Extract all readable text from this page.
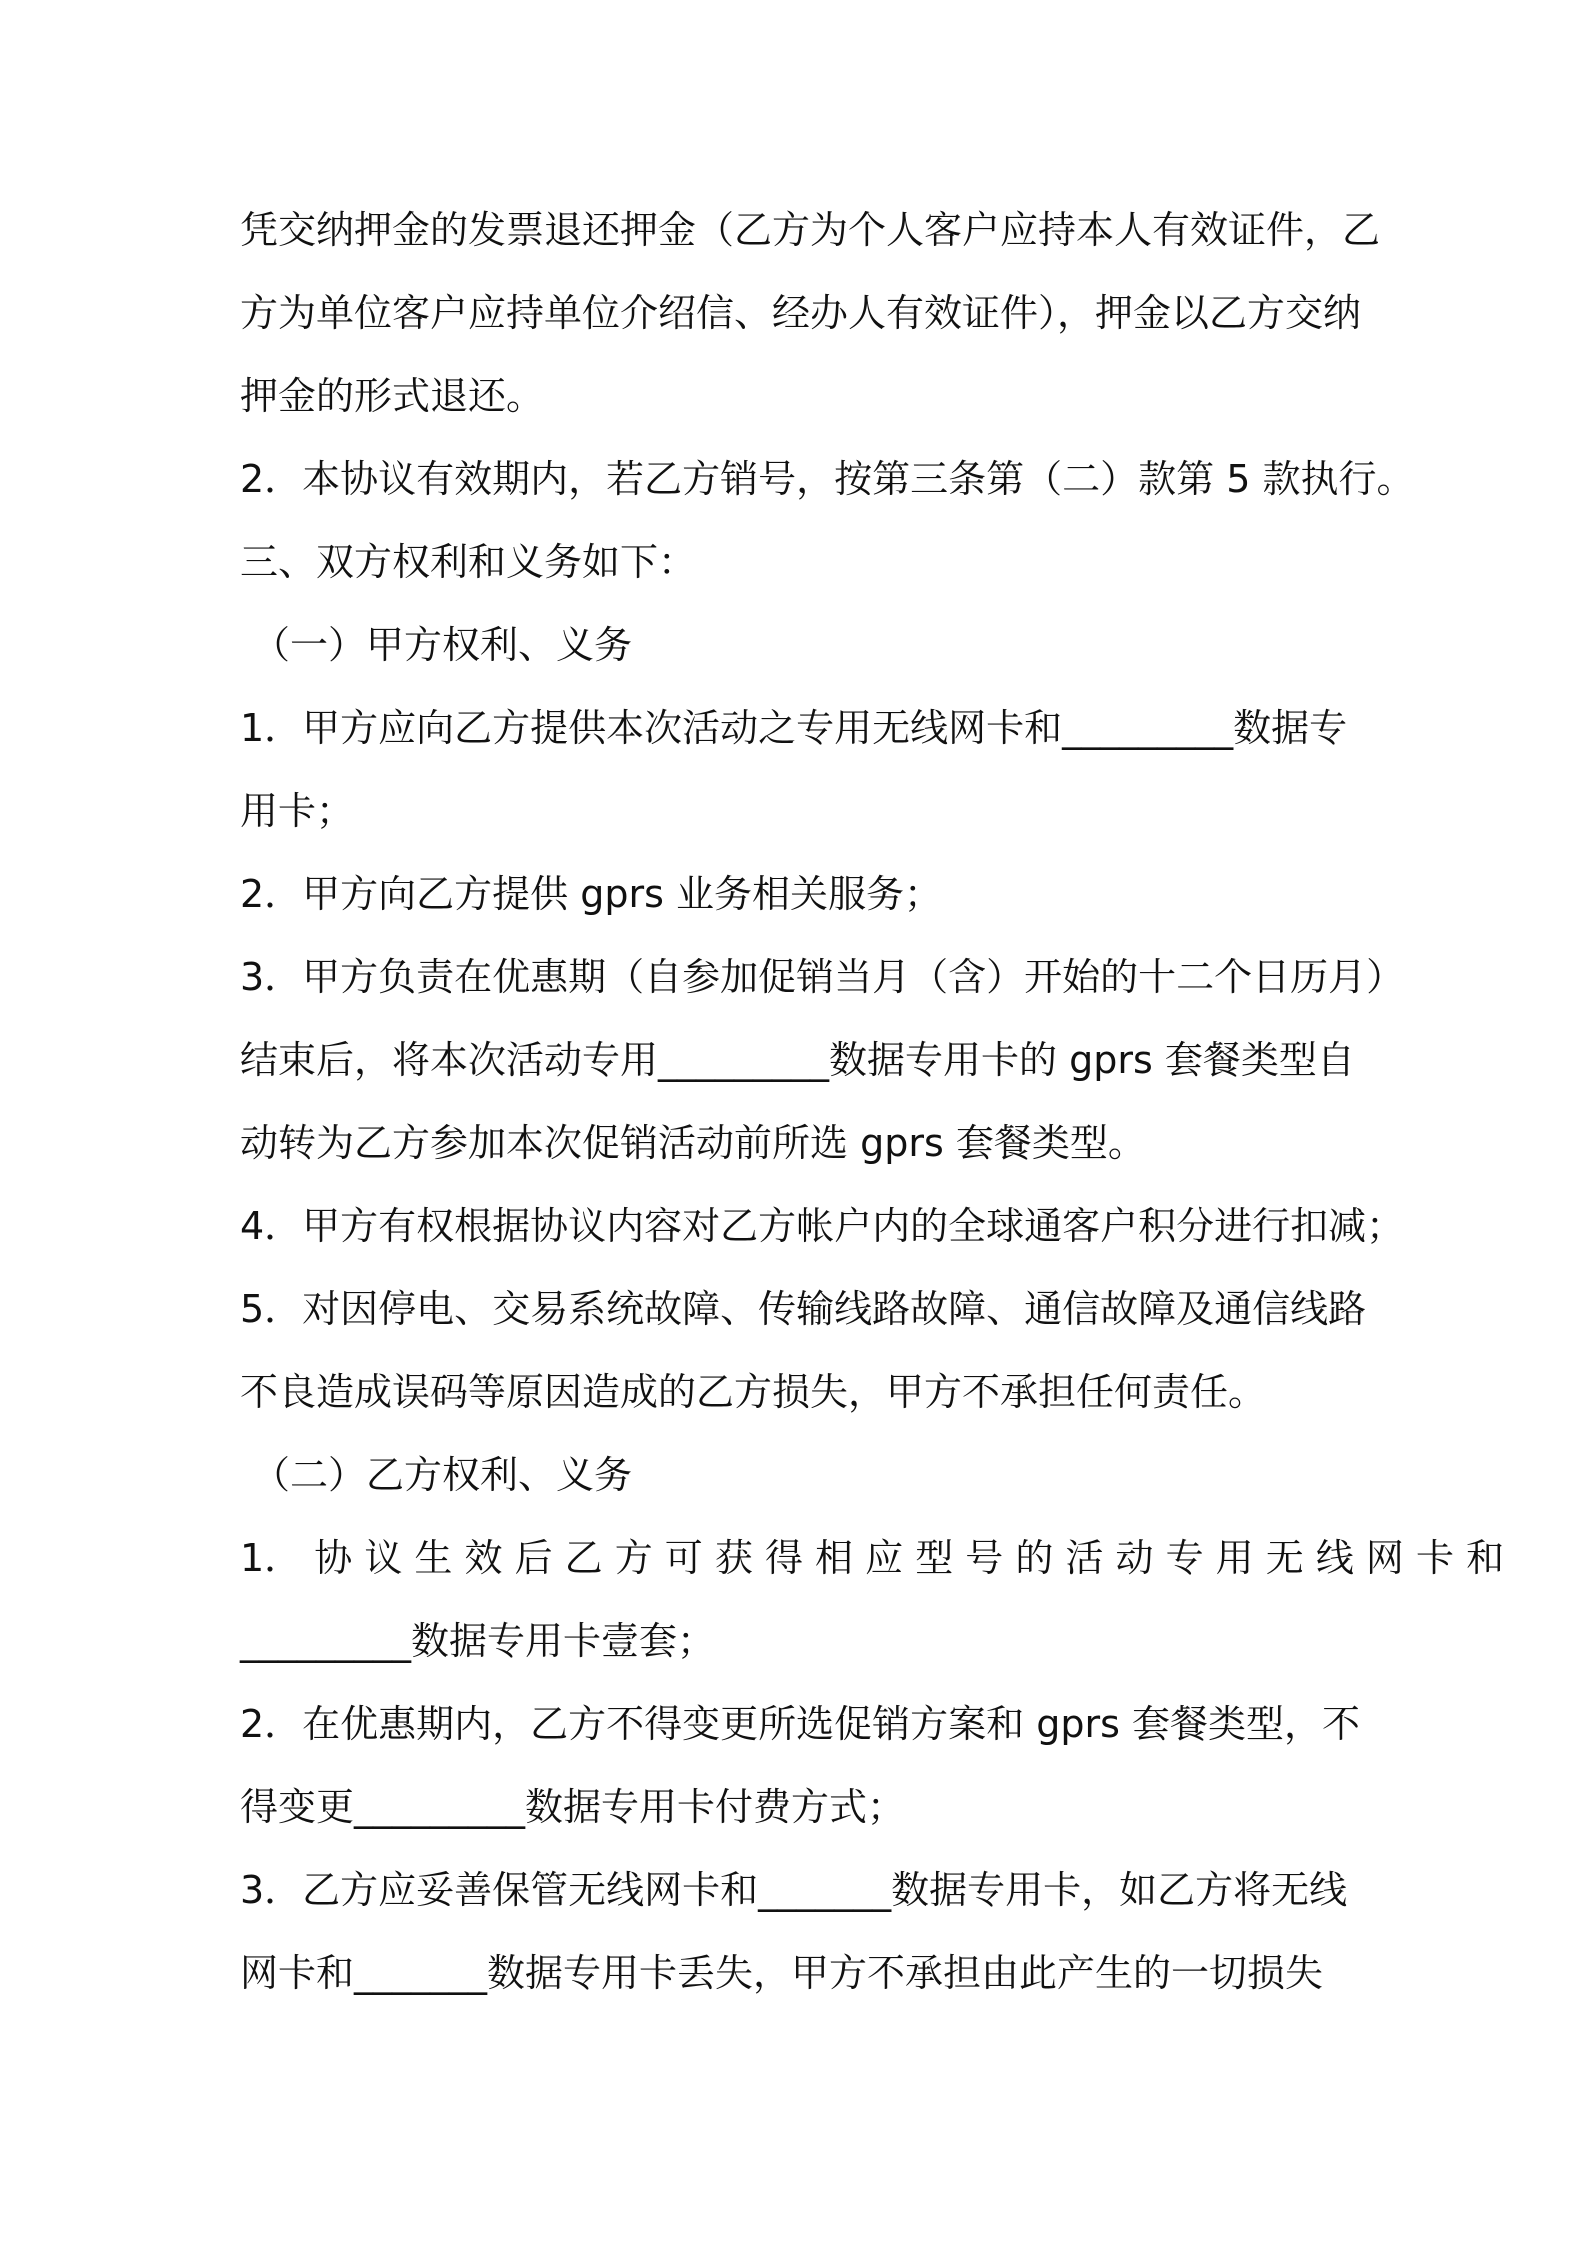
凭交纳押金的发票退还押金（乙方为个人客户应持本人有效证件，乙
方为单位客户应持单位介绍信、经办人有效证件），押金以乙方交纳
押金的形式退还。
2．本协议有效期内，若乙方销号，按第三条第（二）款第 5 款执行。
三、双方权利和义务如下：
（一）甲方权利、义务
1．甲方应向乙方提供本次活动之专用无线网卡和_________数据专
用卡；
2．甲方向乙方提供 gprs 业务相关服务；
3．甲方负责在优惠期（自参加促销当月（含）开始的十二个日历月）
结束后，将本次活动专用_________数据专用卡的 gprs 套餐类型自
动转为乙方参加本次促销活动前所选 gprs 套餐类型。
4．甲方有权根据协议内容对乙方帐户内的全球通客户积分进行扣减；
5．对因停电、交易系统故障、传输线路故障、通信故障及通信线路
不良造成误码等原因造成的乙方损失，甲方不承担任何责任。
（二）乙方权利、义务
1． 协 议 生 效 后 乙 方 可 获 得 相 应 型 号 的 活 动 专 用 无 线 网 卡 和
_________数据专用卡壹套；
2．在优惠期内，乙方不得变更所选促销方案和 gprs 套餐类型，不
得变更_________数据专用卡付费方式；
3．乙方应妥善保管无线网卡和_______数据专用卡，如乙方将无线
网卡和_______数据专用卡丢失，甲方不承担由此产生的一切损失
